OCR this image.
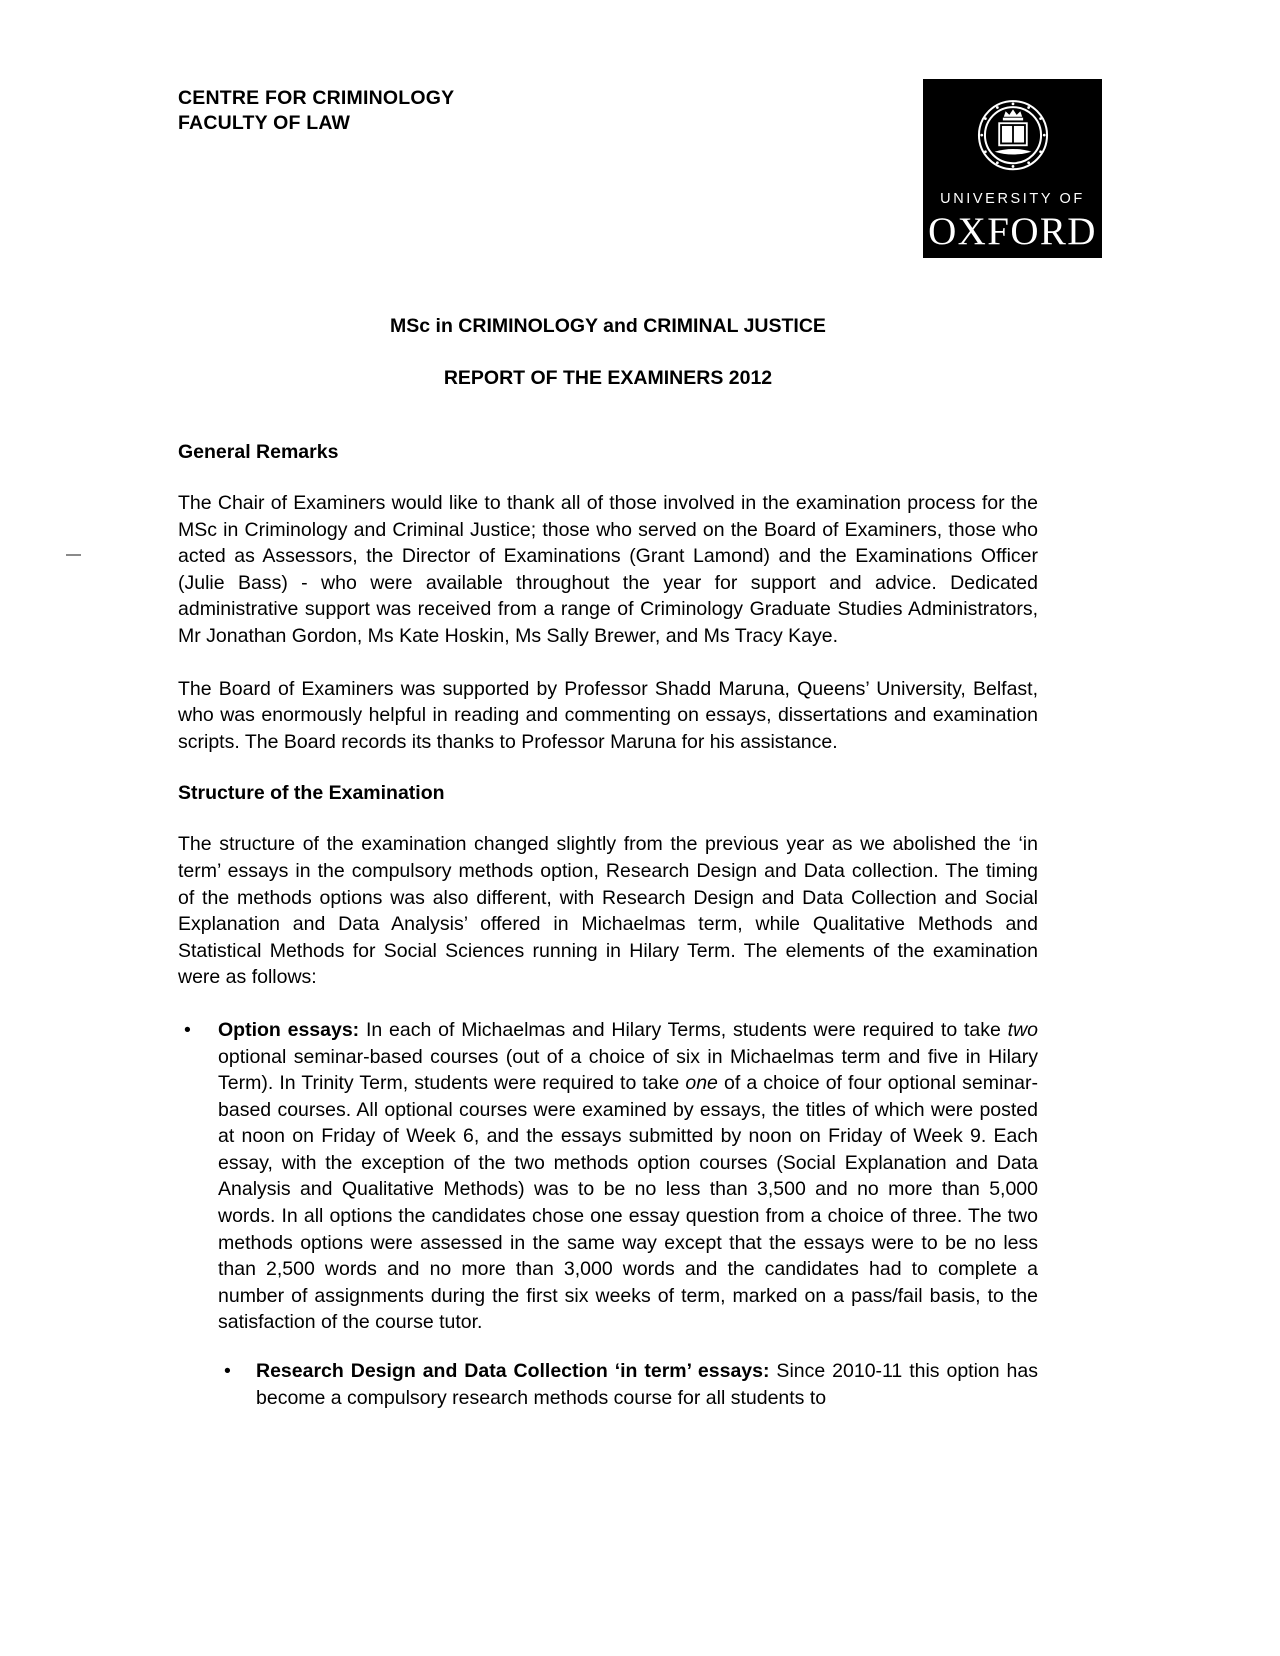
CENTRE FOR CRIMINOLOGY
FACULTY OF LAW
UNIVERSITY OF
OXFORD
MSc in CRIMINOLOGY and CRIMINAL JUSTICE
REPORT OF THE EXAMINERS 2012
General Remarks

The Chair of Examiners would like to thank all of those involved in the examination process for the MSc in Criminology and Criminal Justice; those who served on the Board of Examiners, those who acted as Assessors, the Director of Examinations (Grant Lamond) and the Examinations Officer (Julie Bass) - who were available throughout the year for support and advice. Dedicated administrative support was received from a range of Criminology Graduate Studies Administrators, Mr Jonathan Gordon, Ms Kate Hoskin, Ms Sally Brewer, and Ms Tracy Kaye.

The Board of Examiners was supported by Professor Shadd Maruna, Queens’ University, Belfast, who was enormously helpful in reading and commenting on essays, dissertations and examination scripts. The Board records its thanks to Professor Maruna for his assistance.

Structure of the Examination

The structure of the examination changed slightly from the previous year as we abolished the ‘in term’ essays in the compulsory methods option, Research Design and Data collection. The timing of the methods options was also different, with Research Design and Data Collection and Social Explanation and Data Analysis’ offered in Michaelmas term, while Qualitative Methods and Statistical Methods for Social Sciences running in Hilary Term. The elements of the examination were as follows:

• Option essays: In each of Michaelmas and Hilary Terms, students were required to take two optional seminar-based courses (out of a choice of six in Michaelmas term and five in Hilary Term). In Trinity Term, students were required to take one of a choice of four optional seminar-based courses. All optional courses were examined by essays, the titles of which were posted at noon on Friday of Week 6, and the essays submitted by noon on Friday of Week 9. Each essay, with the exception of the two methods option courses (Social Explanation and Data Analysis and Qualitative Methods) was to be no less than 3,500 and no more than 5,000 words. In all options the candidates chose one essay question from a choice of three. The two methods options were assessed in the same way except that the essays were to be no less than 2,500 words and no more than 3,000 words and the candidates had to complete a number of assignments during the first six weeks of term, marked on a pass/fail basis, to the satisfaction of the course tutor.
• Research Design and Data Collection ‘in term’ essays: Since 2010-11 this option has become a compulsory research methods course for all students to
